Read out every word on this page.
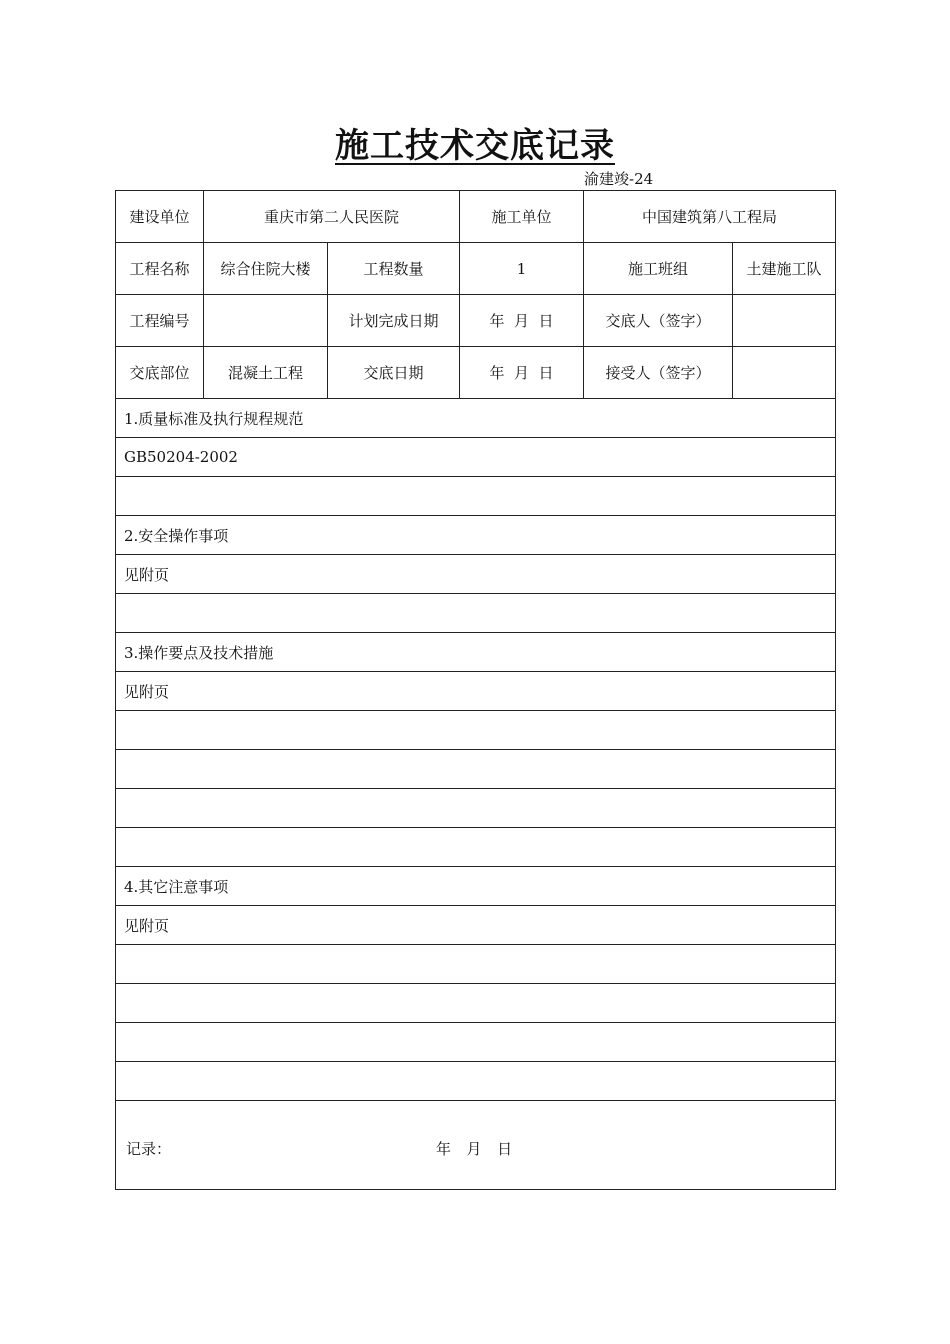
施工技术交底记录
渝建竣-24
建设单位	重庆市第二人民医院		施工单位	中国建筑第八工程局	
工程名称	综合住院大楼	工程数量	1	施工班组	土建施工队
工程编号		计划完成日期	年  月  日	交底人（签字）	
交底部位	混凝土工程	交底日期	年  月  日	接受人（签字）	
1.质量标准及执行规程规范					
GB50204-2002					

2.安全操作事项					
见附页					

3.操作要点及技术措施					
见附页					

4.其它注意事项					
见附页					

记录： 年  月  日					
